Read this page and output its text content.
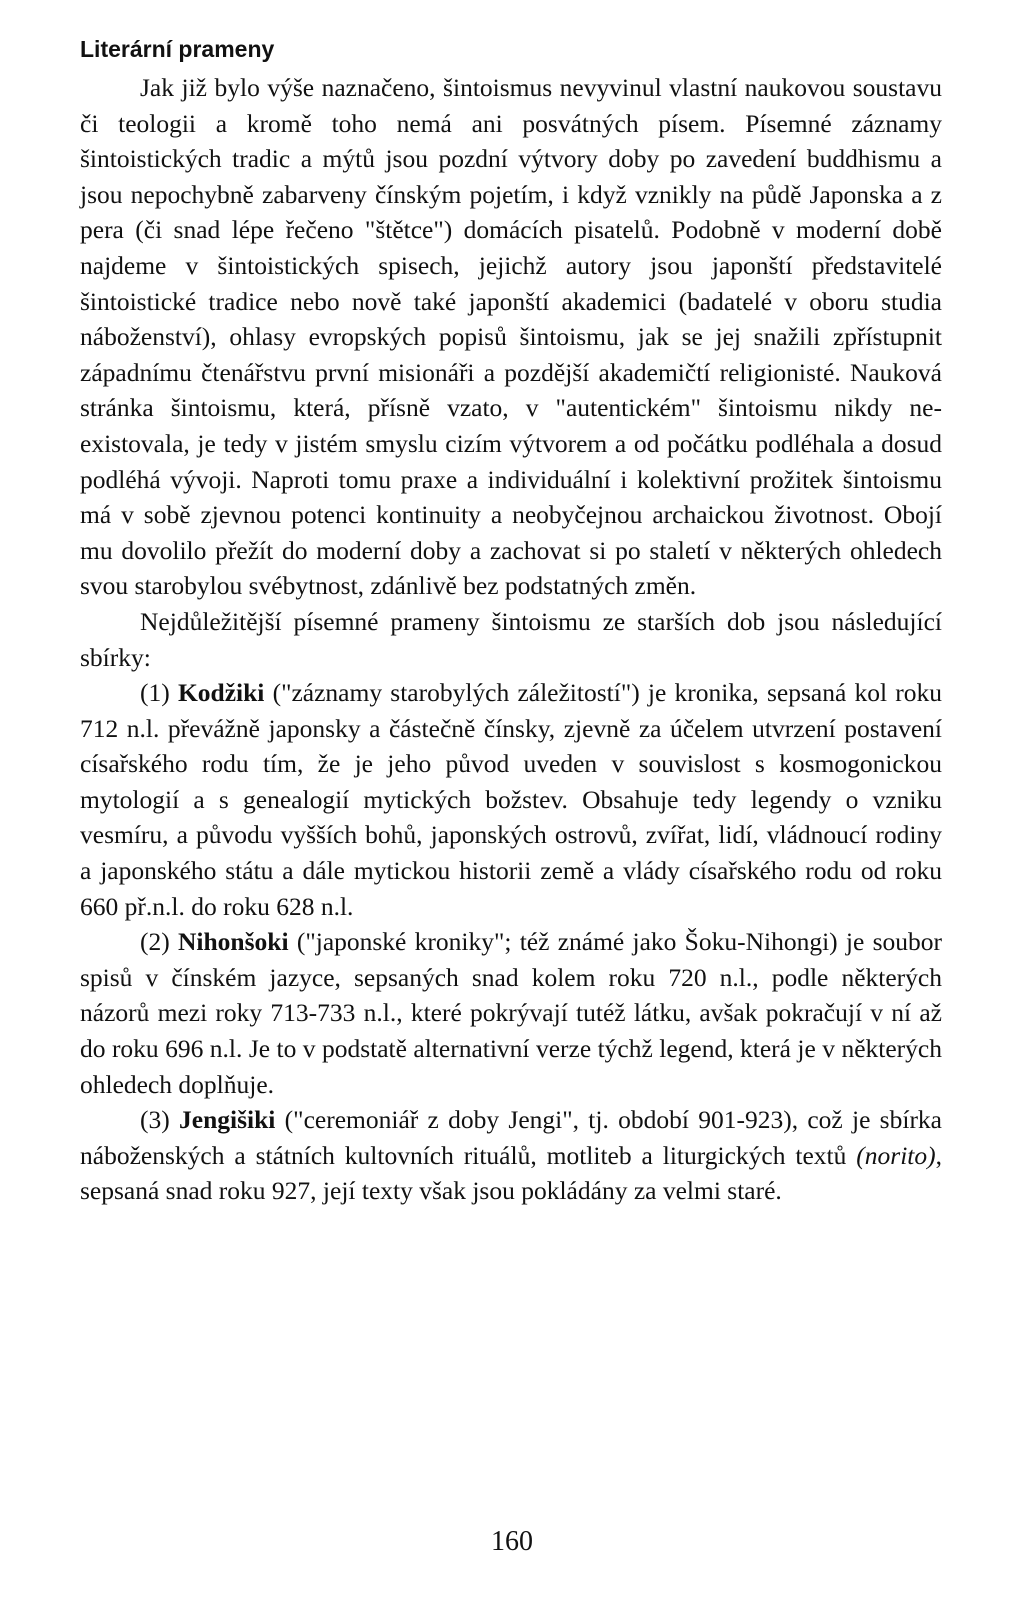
Literární prameny

Jak již bylo výše naznačeno, šintoismus nevyvinul vlastní naukovou soustavu či teologii a kromě toho nemá ani posvátných písem. Písemné záznamy šintoistických tradic a mýtů jsou pozdní výtvory doby po zavedení buddhismu a jsou nepochybně zabarveny čínským pojetím, i když vznikly na půdě Japonska a z pera (či snad lépe řečeno "štětce") domácích pisatelů. Podobně v moderní době najdeme v šintoistických spisech, jejichž autory jsou japonští představitelé šintoistické tradice nebo nově také japonští akademici (badatelé v oboru studia náboženství), ohlasy evropských popisů šintoismu, jak se jej snažili zpřístupnit západnímu čtenářstvu první misionáři a pozdější akademičtí religionisté. Nauková stránka šintoismu, která, přísně vzato, v "autentickém" šintoismu nikdy neexistovala, je tedy v jistém smyslu cizím výtvorem a od počátku podléhala a dosud podléhá vývoji. Naproti tomu praxe a individuální i kolektivní prožitek šintoismu má v sobě zjevnou potenci kontinuity a neobyčejnou archaickou životnost. Obojí mu dovolilo přežít do moderní doby a zachovat si po staletí v některých ohledech svou starobylou svébytnost, zdánlivě bez podstatných změn.

Nejdůležitější písemné prameny šintoismu ze starších dob jsou následující sbírky:

(1) Kodžiki ("záznamy starobylých záležitostí") je kronika, sepsaná kol roku 712 n.l. převážně japonsky a částečně čínsky, zjevně za účelem utvrzení postavení císařského rodu tím, že je jeho původ uveden v souvislost s kosmogonickou mytologií a s genealogií mytických božstev. Obsahuje tedy legendy o vzniku vesmíru, a původu vyšších bohů, japonských ostrovů, zvířat, lidí, vládnoucí rodiny a japonského státu a dále mytickou historii země a vlády císařského rodu od roku 660 př.n.l. do roku 628 n.l.

(2) Nihonšoki ("japonské kroniky"; též známé jako Šoku-Nihongi) je soubor spisů v čínském jazyce, sepsaných snad kolem roku 720 n.l., podle některých názorů mezi roky 713-733 n.l., které pokrývají tutéž látku, avšak pokračují v ní až do roku 696 n.l. Je to v podstatě alternativní verze týchž legend, která je v některých ohledech doplňuje.

(3) Jengišiki ("ceremoniář z doby Jengi", tj. období 901-923), což je sbírka náboženských a státních kultovních rituálů, motliteb a liturgických textů (norito), sepsaná snad roku 927, její texty však jsou pokládány za velmi staré.

160
